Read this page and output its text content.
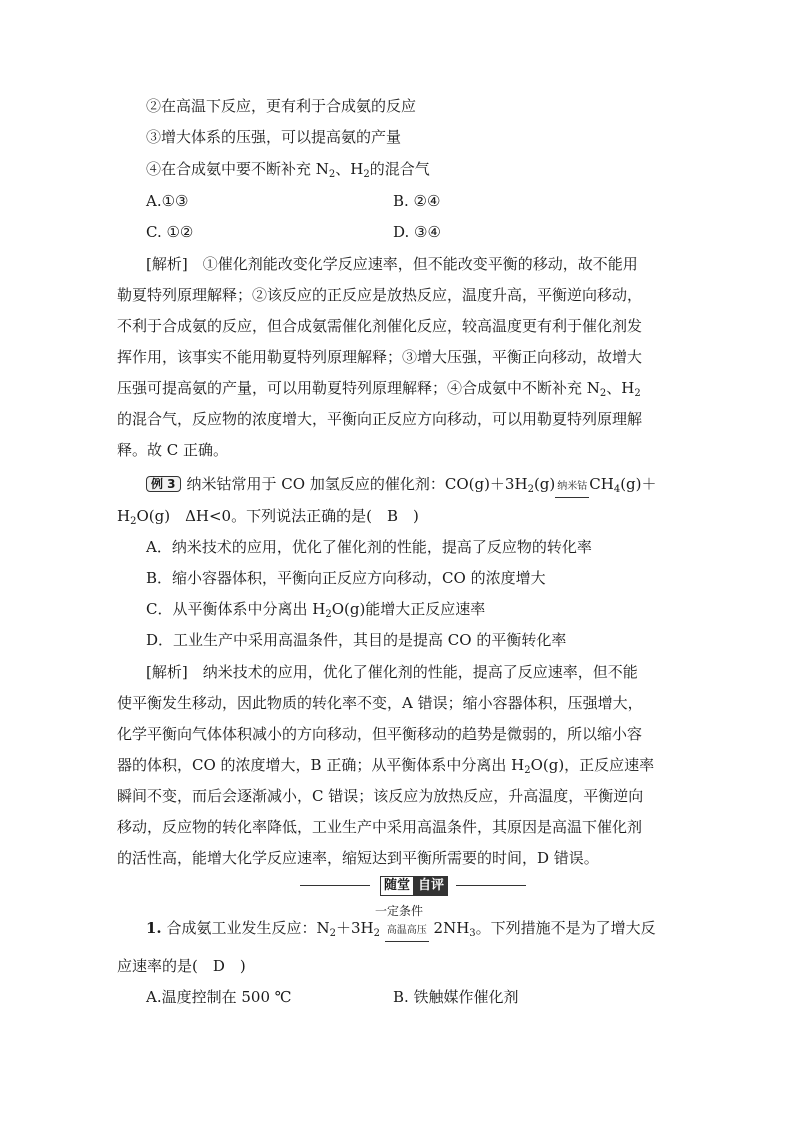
②在高温下反应，更有利于合成氨的反应
③增大体系的压强，可以提高氨的产量
④在合成氨中要不断补充 $N_2$、$H_2$的混合气
A.①③	B. ②④
C. ①②	D. ③④
[解析]　①催化剂能改变化学反应速率，但不能改变平衡的移动，故不能用
勒夏特列原理解释；②该反应的正反应是放热反应，温度升高，平衡逆向移动，
不利于合成氨的反应，但合成氨需催化剂催化反应，较高温度更有利于催化剂发
挥作用，该事实不能用勒夏特列原理解释；③增大压强，平衡正向移动，故增大
压强可提高氨的产量，可以用勒夏特列原理解释；④合成氨中不断补充 $N_2$、$H_2$
的混合气，反应物的浓度增大，平衡向正反应方向移动，可以用勒夏特列原理解
释。故 C 正确。
例 3 纳米钴常用于 CO 加氢反应的催化剂：$CO(g)+3H_2(g)$ 纳米钴 $CH_4(g)+$
$H_2O(g)$　ΔH<0。下列说法正确的是(　B　)
A．纳米技术的应用，优化了催化剂的性能，提高了反应物的转化率
B．缩小容器体积，平衡向正反应方向移动，CO 的浓度增大
C．从平衡体系中分离出 $H_2O(g)$能增大正反应速率
D．工业生产中采用高温条件，其目的是提高 CO 的平衡转化率
[解析]　纳米技术的应用，优化了催化剂的性能，提高了反应速率，但不能
使平衡发生移动，因此物质的转化率不变，A 错误；缩小容器体积，压强增大，
化学平衡向气体体积减小的方向移动，但平衡移动的趋势是微弱的，所以缩小容
器的体积，CO 的浓度增大，B 正确；从平衡体系中分离出 $H_2O(g)$，正反应速率
瞬间不变，而后会逐渐减小，C 错误；该反应为放热反应，升高温度，平衡逆向
移动，反应物的转化率降低，工业生产中采用高温条件，其原因是高温下催化剂
的活性高，能增大化学反应速率，缩短达到平衡所需要的时间，D 错误。
随堂 自评
一定条件
1. 合成氨工业发生反应：$N_2+3H_2$ 高温高压 $2NH_3$。下列措施不是为了增大反
应速率的是(　D　)
A.温度控制在 500 ℃	B. 铁触媒作催化剂
